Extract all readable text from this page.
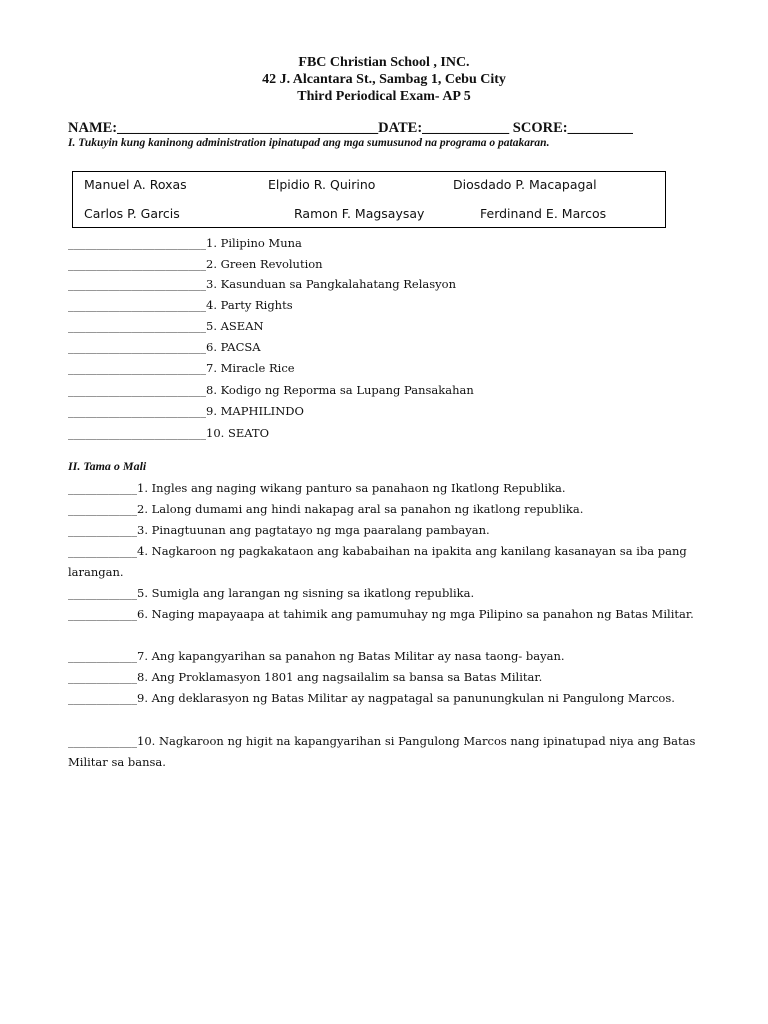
FBC Christian School , INC.
42 J. Alcantara St., Sambag 1, Cebu City
Third Periodical Exam- AP 5
NAME:____________________________________DATE:____________ SCORE:_________
I. Tukuyin kung kaninong administration ipinatupad ang mga sumusunod na programa o patakaran.
Manuel A. Roxas	Elpidio R. Quirino	Diosdado P. Macapagal
Carlos P. Garcis	Ramon F. Magsaysay	Ferdinand E. Marcos
________________________1. Pilipino Muna
________________________2. Green Revolution
________________________3. Kasunduan sa Pangkalahatang Relasyon
________________________4. Party Rights
________________________5. ASEAN
________________________6. PACSA
________________________7. Miracle Rice
________________________8. Kodigo ng Reporma sa Lupang Pansakahan
________________________9. MAPHILINDO
________________________10. SEATO
II. Tama o Mali
____________1. Ingles ang naging wikang panturo sa panahaon ng Ikatlong Republika.
____________2. Lalong dumami ang hindi nakapag aral sa panahon ng ikatlong republika.
____________3. Pinagtuunan ang pagtatayo ng mga paaralang pambayan.
____________4. Nagkaroon ng pagkakataon ang kababaihan na ipakita ang kanilang kasanayan sa iba pang larangan.
____________5. Sumigla ang larangan ng sisning sa ikatlong republika.
____________6. Naging mapayaapa at tahimik ang pamumuhay ng mga Pilipino sa panahon ng Batas Militar.
____________7. Ang kapangyarihan sa panahon ng Batas Militar ay nasa taong- bayan.
____________8. Ang Proklamasyon 1801 ang nagsailalim sa bansa sa Batas Militar.
____________9. Ang deklarasyon ng Batas Militar ay nagpatagal sa panunungkulan ni Pangulong Marcos.
____________10. Nagkaroon ng higit na kapangyarihan si Pangulong Marcos nang ipinatupad niya ang Batas Militar sa bansa.
